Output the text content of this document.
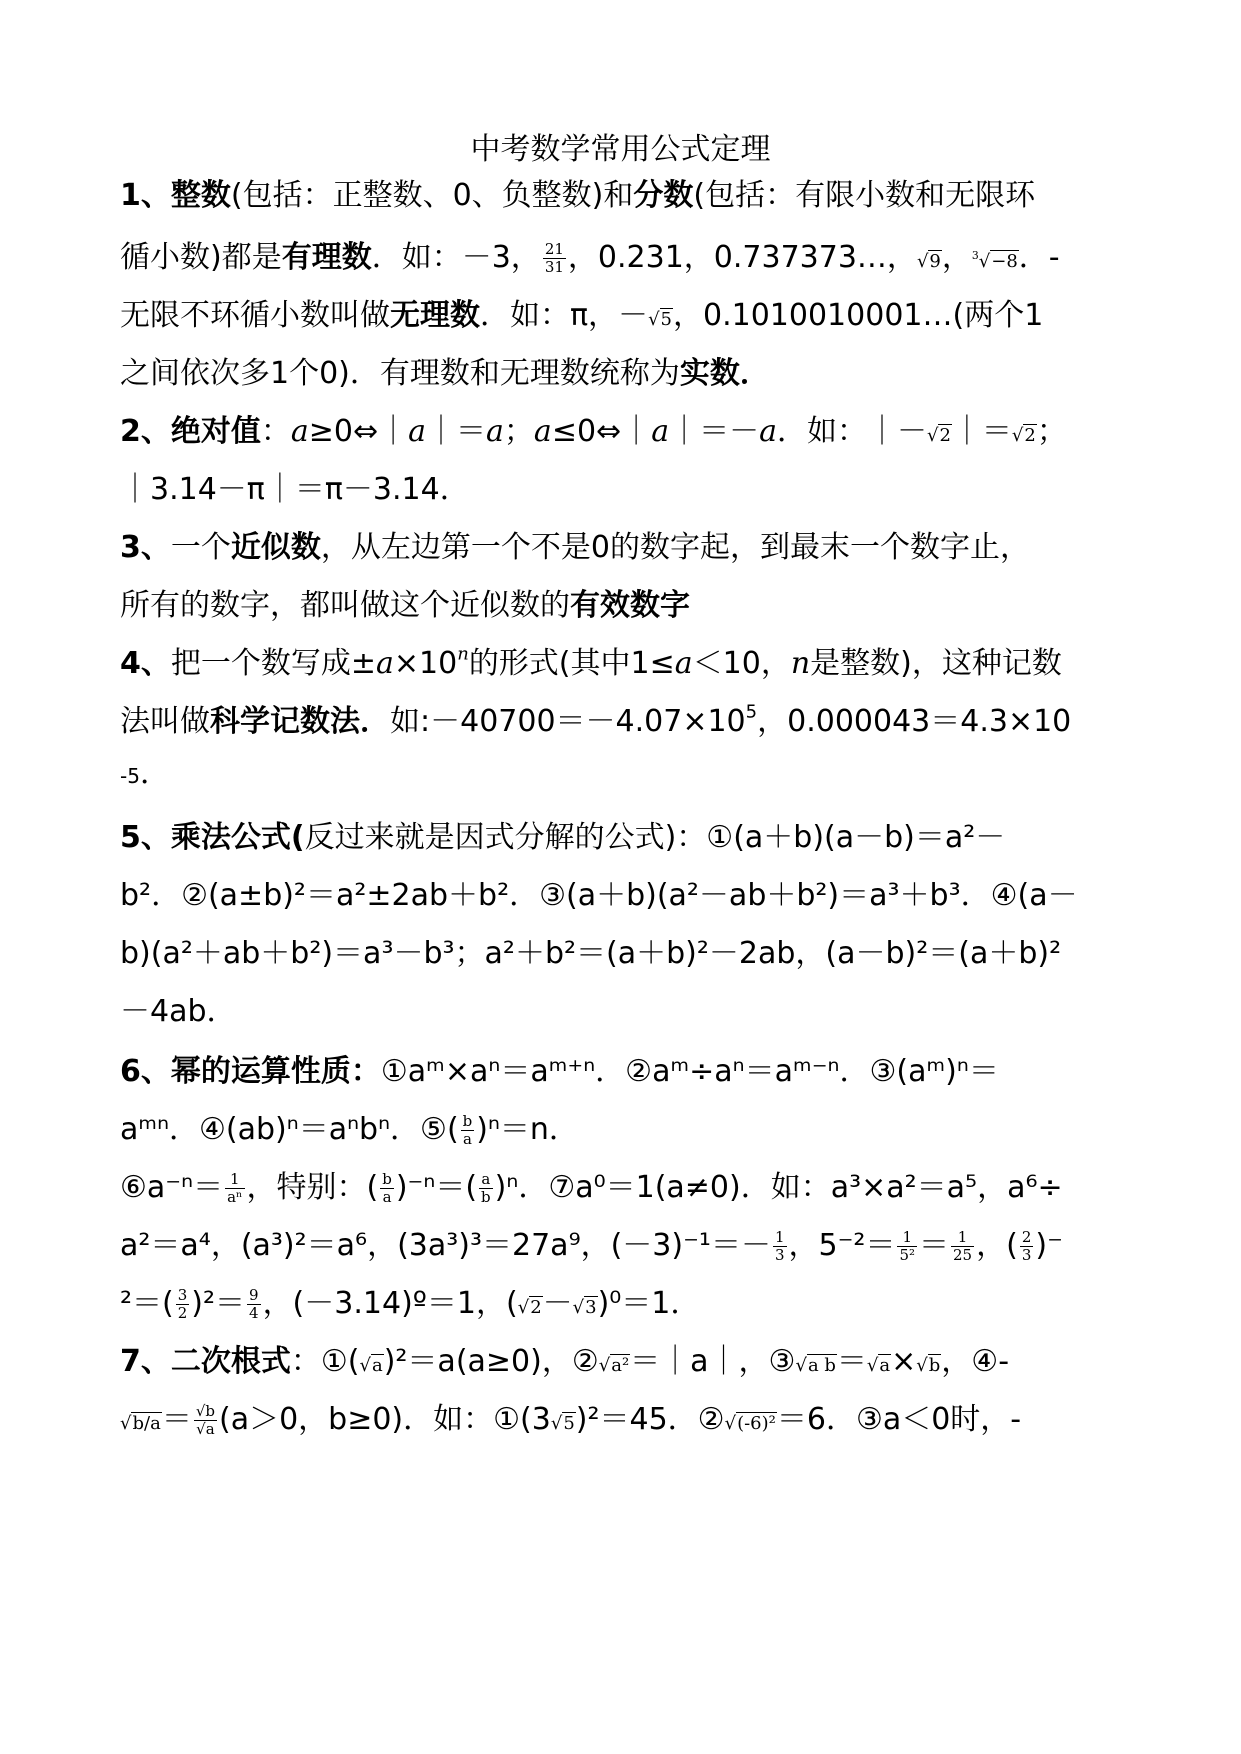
中考数学常用公式定理
1、整数(包括：正整数、0、负整数)和分数(包括：有限小数和无限环
循小数)都是有理数．如：－3， $\frac{21}{31}$ ，0.231，0.737373…，√9，$^3$√−8．-
无限不环循小数叫做无理数．如：π，－√5，0.1010010001…(两个1
之间依次多1个0)．有理数和无理数统称为实数．
2、绝对值：a≥0⇔｜a｜＝a；a≤0⇔｜a｜＝－a．如：｜－√2｜＝√2；
｜3.14－π｜＝π－3.14．
3、一个近似数，从左边第一个不是0的数字起，到最末一个数字止，
所有的数字，都叫做这个近似数的有效数字
4、把一个数写成$\pm a\times 10^n$的形式(其中1≤a＜10，n是整数)，这种记数
法叫做科学记数法．如$:-40700=-4.07\times 10^5$，0.000043＝4.3×10
-5．
5、乘法公式(反过来就是因式分解的公式)：①(a＋b)(a－b)＝a²－
b²．②(a±b)²＝a²±2ab＋b²．③(a＋b)(a²－ab＋b²)＝a³＋b³．④(a－
b)(a²＋ab＋b²)＝a³－b³；a²＋b²＝(a＋b)²－2ab，(a－b)²＝(a＋b)²
－4ab．
6、幂的运算性质：①aᵐ×aⁿ＝aᵐ⁺ⁿ．②aᵐ÷aⁿ＝aᵐ⁻ⁿ．③(aᵐ)ⁿ＝
aᵐⁿ．④(ab)ⁿ＝aⁿbⁿ．⑤( $\frac{b}{a} )^n=n$．
⑥a⁻ⁿ＝ $\frac{1}{\text{aⁿ}}$ ，特别：( $\frac{b}{a} )^{-n}=( \frac{a}{b} )^n$．⑦a⁰＝1(a≠0)．如：a³×a²＝a⁵，a⁶÷
a²＝a⁴，(a³)²＝a⁶，(3a³)³＝27a⁹，$(-3)^{-1}=- \frac{1}{3}$ ，$5^{-2}= \frac{1}{\text{5²}} = \frac{1}{25}$ ，( $\frac{2}{3}$ )⁻
$^2=( \frac{3}{2} )^2= \frac{9}{4}$ ，(－3.14)º＝1，(√2－√3)⁰＝1．
7、二次根式：①(√a)²＝a(a≥0)，②√a²＝｜a｜，③√a b＝√a×√b，④-
$√b/a= \frac{√b}{√a} (a>0$，b≥0)．如：①(3√5)²＝45．②√(-6)²＝6．③a＜0时，-
